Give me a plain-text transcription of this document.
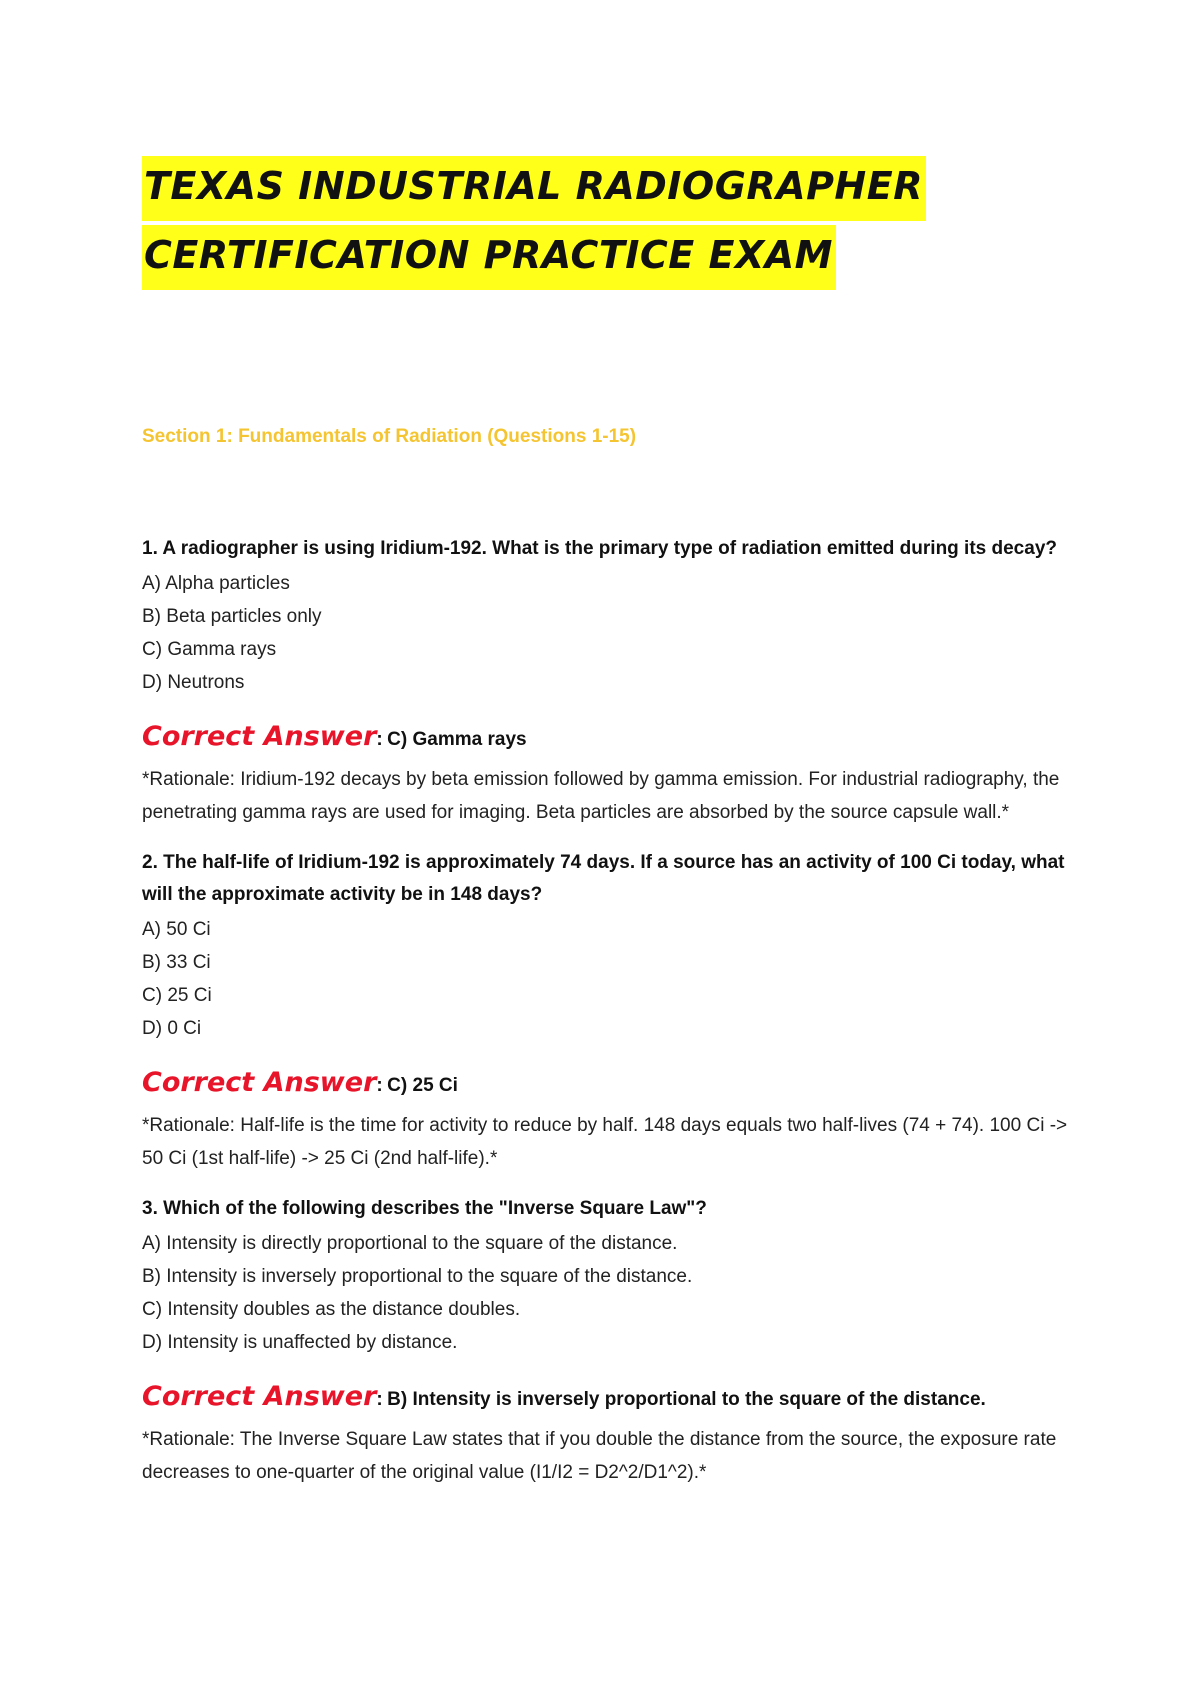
TEXAS INDUSTRIAL RADIOGRAPHER
CERTIFICATION PRACTICE EXAM
Section 1: Fundamentals of Radiation (Questions 1-15)
1. A radiographer is using Iridium-192. What is the primary type of radiation emitted during its decay?
A) Alpha particles
B) Beta particles only
C) Gamma rays
D) Neutrons
Correct Answer: C) Gamma rays
*Rationale: Iridium-192 decays by beta emission followed by gamma emission. For industrial radiography, the penetrating gamma rays are used for imaging. Beta particles are absorbed by the source capsule wall.*
2. The half-life of Iridium-192 is approximately 74 days. If a source has an activity of 100 Ci today, what will the approximate activity be in 148 days?
A) 50 Ci
B) 33 Ci
C) 25 Ci
D) 0 Ci
Correct Answer: C) 25 Ci
*Rationale: Half-life is the time for activity to reduce by half. 148 days equals two half-lives (74 + 74). 100 Ci -> 50 Ci (1st half-life) -> 25 Ci (2nd half-life).*
3. Which of the following describes the "Inverse Square Law"?
A) Intensity is directly proportional to the square of the distance.
B) Intensity is inversely proportional to the square of the distance.
C) Intensity doubles as the distance doubles.
D) Intensity is unaffected by distance.
Correct Answer: B) Intensity is inversely proportional to the square of the distance.
*Rationale: The Inverse Square Law states that if you double the distance from the source, the exposure rate decreases to one-quarter of the original value (I1/I2 = D2^2/D1^2).*
